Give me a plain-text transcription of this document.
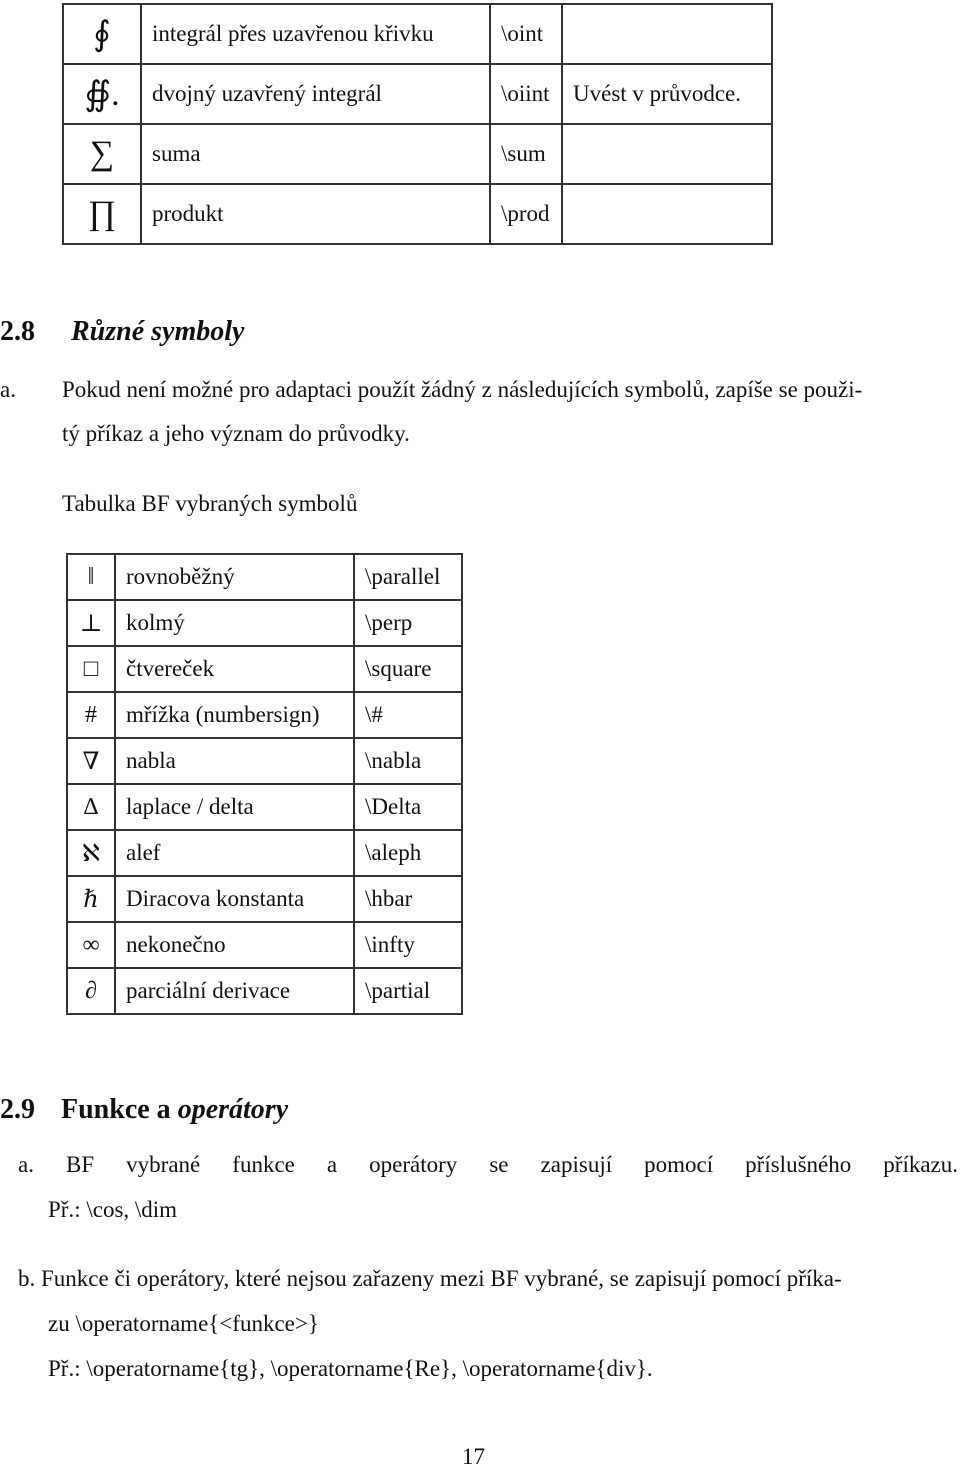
∮	integrál přes uzavřenou křivku	\oint	
∯.	dvojný uzavřený integrál	\oiint	Uvést v průvodce.
∑	suma	\sum	
∏	produkt	\prod	
2.8 Různé symboly
a. Pokud není možné pro adaptaci použít žádný z následujících symbolů, zapíše se použi-
tý příkaz a jeho význam do průvodky.
Tabulka BF vybraných symbolů
‖	rovnoběžný	\parallel
⊥	kolmý	\perp
□	čtvereček	\square
#	mřížka (numbersign)	\#
∇	nabla	\nabla
∆	laplace / delta	\Delta
ℵ	alef	\aleph
ℏ	Diracova konstanta	\hbar
∞	nekonečno	\infty
∂	parciální derivace	\partial
2.9 Funkce a operátory
a. BF vybrané funkce a operátory se zapisují pomocí příslušného příkazu.
Př.: \cos, \dim
b. Funkce či operátory, které nejsou zařazeny mezi BF vybrané, se zapisují pomocí příka-
zu \operatorname{<funkce>}
Př.: \operatorname{tg}, \operatorname{Re}, \operatorname{div}.
17
